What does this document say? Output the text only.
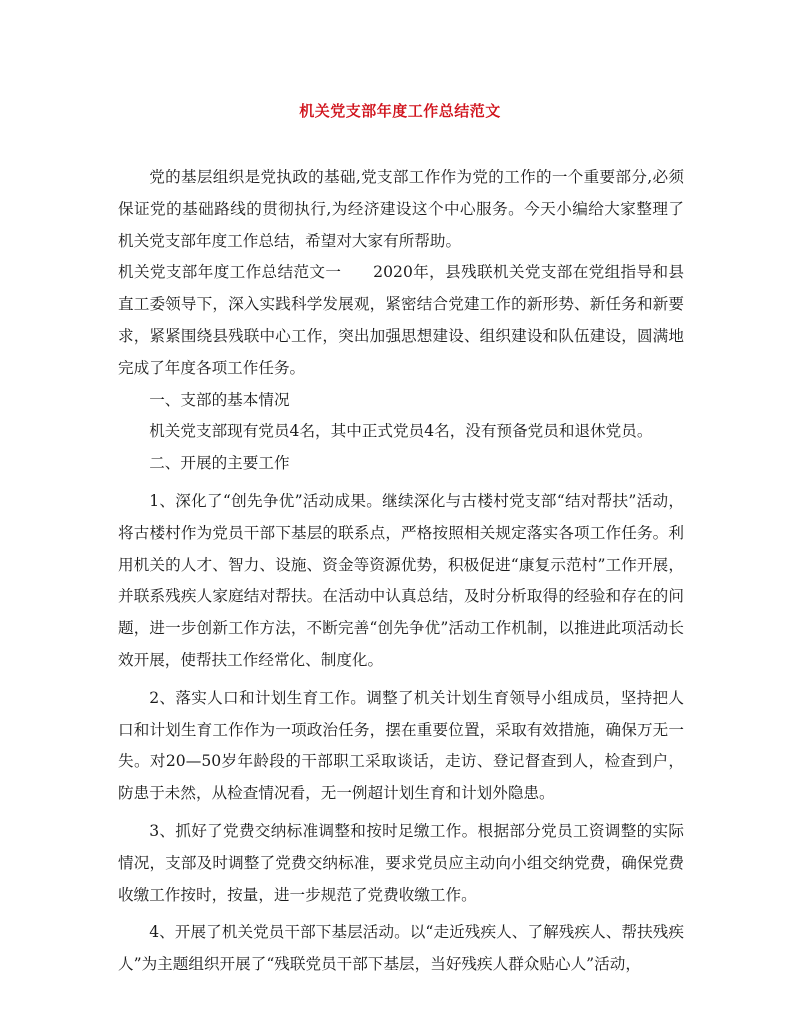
机关党支部年度工作总结范文

党的基层组织是党执政的基础,党支部工作作为党的工作的一个重要部分,必须保证党的基础路线的贯彻执行,为经济建设这个中心服务。今天小编给大家整理了机关党支部年度工作总结，希望对大家有所帮助。

机关党支部年度工作总结范文一　　2020年，县残联机关党支部在党组指导和县直工委领导下，深入实践科学发展观，紧密结合党建工作的新形势、新任务和新要求，紧紧围绕县残联中心工作，突出加强思想建设、组织建设和队伍建设，圆满地完成了年度各项工作任务。

一、支部的基本情况

机关党支部现有党员4名，其中正式党员4名，没有预备党员和退休党员。

二、开展的主要工作

1、深化了“创先争优”活动成果。继续深化与古楼村党支部“结对帮扶”活动，将古楼村作为党员干部下基层的联系点，严格按照相关规定落实各项工作任务。利用机关的人才、智力、设施、资金等资源优势，积极促进“康复示范村”工作开展，并联系残疾人家庭结对帮扶。在活动中认真总结，及时分析取得的经验和存在的问题，进一步创新工作方法，不断完善“创先争优”活动工作机制，以推进此项活动长效开展，使帮扶工作经常化、制度化。

2、落实人口和计划生育工作。调整了机关计划生育领导小组成员，坚持把人口和计划生育工作作为一项政治任务，摆在重要位置，采取有效措施，确保万无一失。对20—50岁年龄段的干部职工采取谈话，走访、登记督查到人，检查到户，防患于未然，从检查情况看，无一例超计划生育和计划外隐患。

3、抓好了党费交纳标准调整和按时足缴工作。根据部分党员工资调整的实际情况，支部及时调整了党费交纳标准，要求党员应主动向小组交纳党费，确保党费收缴工作按时，按量，进一步规范了党费收缴工作。

4、开展了机关党员干部下基层活动。以“走近残疾人、了解残疾人、帮扶残疾人”为主题组织开展了“残联党员干部下基层，当好残疾人群众贴心人”活动，
